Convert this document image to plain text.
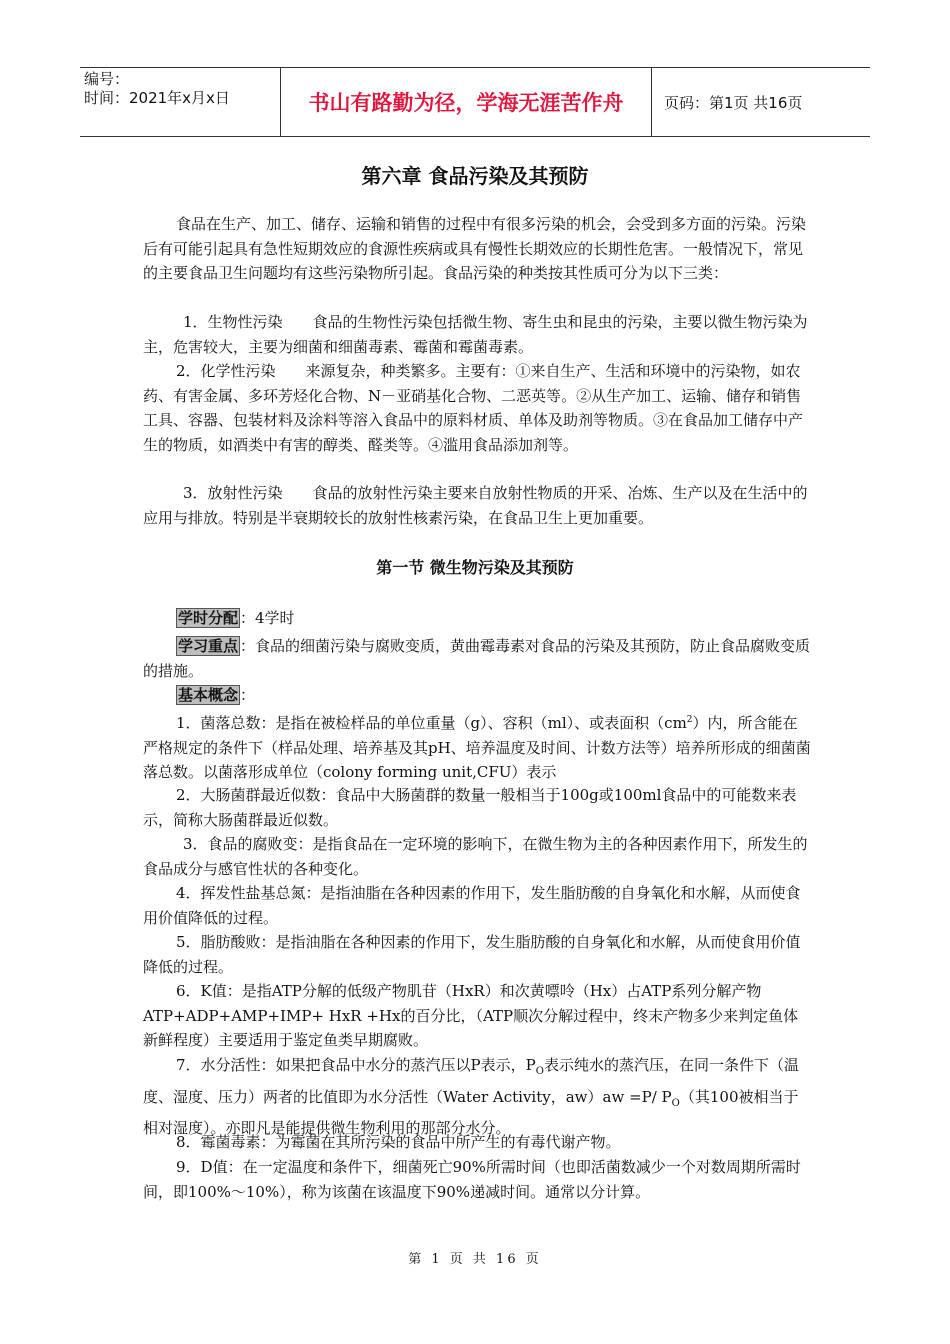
编号：
时间：2021年x月x日	书山有路勤为径，学海无涯苦作舟	页码：第1页 共16页
第六章 食品污染及其预防

食品在生产、加工、储存、运输和销售的过程中有很多污染的机会，会受到多方面的污染。污染后有可能引起具有急性短期效应的食源性疾病或具有慢性长期效应的长期性危害。一般情况下，常见的主要食品卫生问题均有这些污染物所引起。食品污染的种类按其性质可分为以下三类：

1．生物性污染　　食品的生物性污染包括微生物、寄生虫和昆虫的污染，主要以微生物污染为主，危害较大，主要为细菌和细菌毒素、霉菌和霉菌毒素。

2．化学性污染　　来源复杂，种类繁多。主要有：①来自生产、生活和环境中的污染物，如农药、有害金属、多环芳烃化合物、N－亚硝基化合物、二恶英等。②从生产加工、运输、储存和销售工具、容器、包装材料及涂料等溶入食品中的原料材质、单体及助剂等物质。③在食品加工储存中产生的物质，如酒类中有害的醇类、醛类等。④滥用食品添加剂等。

3．放射性污染　　食品的放射性污染主要来自放射性物质的开采、冶炼、生产以及在生活中的应用与排放。特别是半衰期较长的放射性核素污染，在食品卫生上更加重要。

第一节 微生物污染及其预防

学时分配 ：4学时

学习重点 ：食品的细菌污染与腐败变质，黄曲霉毒素对食品的污染及其预防，防止食品腐败变质的措施。

基本概念 ：

1．菌落总数：是指在被检样品的单位重量（g）、容积（ml）、或表面积$(cm^2)$内，所含能在严格规定的条件下（样品处理、培养基及其pH、培养温度及时间、计数方法等）培养所形成的细菌菌落总数。以菌落形成单位（colony forming unit,CFU）表示

2．大肠菌群最近似数：食品中大肠菌群的数量一般相当于100g或100ml食品中的可能数来表示，简称大肠菌群最近似数。

3．食品的腐败变：是指食品在一定环境的影响下，在微生物为主的各种因素作用下，所发生的食品成分与感官性状的各种变化。

4．挥发性盐基总氮：是指油脂在各种因素的作用下，发生脂肪酸的自身氧化和水解，从而使食用价值降低的过程。

5．脂肪酸败：是指油脂在各种因素的作用下，发生脂肪酸的自身氧化和水解，从而使食用价值降低的过程。

6．K值：是指ATP分解的低级产物肌苷（HxR）和次黄嘌呤（Hx）占ATP系列分解产物ATP+ADP+AMP+IMP+ HxR +Hx的百分比，（ATP顺次分解过程中，终末产物多少来判定鱼体新鲜程度）主要适用于鉴定鱼类早期腐败。

7．水分活性：如果把食品中水分的蒸汽压以P表示，$P_O$表示纯水的蒸汽压，在同一条件下（温度、湿度、压力）两者的比值即为水分活性（Water Activity，aw）aw =P/ $P_O$（其100被相当于相对湿度）。亦即凡是能提供微生物利用的那部分水分。

8．霉菌毒素：为霉菌在其所污染的食品中所产生的有毒代谢产物。

9．D值：在一定温度和条件下，细菌死亡90%所需时间（也即活菌数减少一个对数周期所需时间，即100%～10%），称为该菌在该温度下90%递减时间。通常以分计算。

第 1 页 共 16 页
